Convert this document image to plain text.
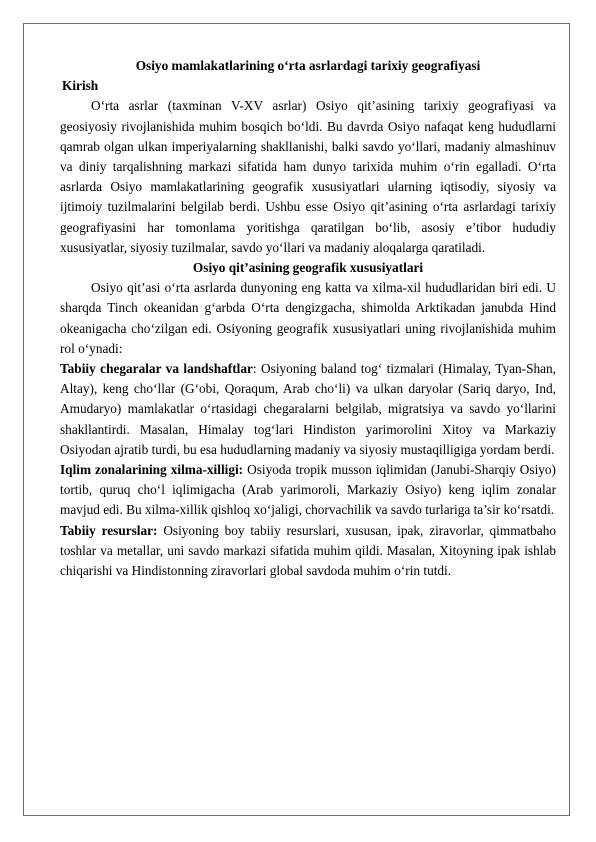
Osiyo mamlakatlarining o‘rta asrlardagi tarixiy geografiyasi

Kirish

O‘rta asrlar (taxminan V-XV asrlar) Osiyo qit’asining tarixiy geografiyasi va geosiyosiy rivojlanishida muhim bosqich bo‘ldi. Bu davrda Osiyo nafaqat keng hududlarni qamrab olgan ulkan imperiyalarning shakllanishi, balki savdo yo‘llari, madaniy almashinuv va diniy tarqalishning markazi sifatida ham dunyo tarixida muhim o‘rin egalladi. O‘rta asrlarda Osiyo mamlakatlarining geografik xususiyatlari ularning iqtisodiy, siyosiy va ijtimoiy tuzilmalarini belgilab berdi. Ushbu esse Osiyo qit’asining o‘rta asrlardagi tarixiy geografiyasini har tomonlama yoritishga qaratilgan bo‘lib, asosiy e’tibor hududiy xususiyatlar, siyosiy tuzilmalar, savdo yo‘llari va madaniy aloqalarga qaratiladi.

Osiyo qit’asining geografik xususiyatlari

Osiyo qit’asi o‘rta asrlarda dunyoning eng katta va xilma-xil hududlaridan biri edi. U sharqda Tinch okeanidan g‘arbda O‘rta dengizgacha, shimolda Arktikadan janubda Hind okeanigacha cho‘zilgan edi. Osiyoning geografik xususiyatlari uning rivojlanishida muhim rol o‘ynadi:

Tabiiy chegaralar va landshaftlar: Osiyoning baland tog‘ tizmalari (Himalay, Tyan-Shan, Altay), keng cho‘llar (G‘obi, Qoraqum, Arab cho‘li) va ulkan daryolar (Sariq daryo, Ind, Amudaryo) mamlakatlar o‘rtasidagi chegaralarni belgilab, migratsiya va savdo yo‘llarini shakllantirdi. Masalan, Himalay tog‘lari Hindiston yarimorolini Xitoy va Markaziy Osiyodan ajratib turdi, bu esa hududlarning madaniy va siyosiy mustaqilligiga yordam berdi.

Iqlim zonalarining xilma-xilligi: Osiyoda tropik musson iqlimidan (Janubi-Sharqiy Osiyo) tortib, quruq cho‘l iqlimigacha (Arab yarimoroli, Markaziy Osiyo) keng iqlim zonalar mavjud edi. Bu xilma-xillik qishloq xo‘jaligi, chorvachilik va savdo turlariga ta’sir ko‘rsatdi.

Tabiiy resurslar: Osiyoning boy tabiiy resurslari, xususan, ipak, ziravorlar, qimmatbaho toshlar va metallar, uni savdo markazi sifatida muhim qildi. Masalan, Xitoyning ipak ishlab chiqarishi va Hindistonning ziravorlari global savdoda muhim o‘rin tutdi.
